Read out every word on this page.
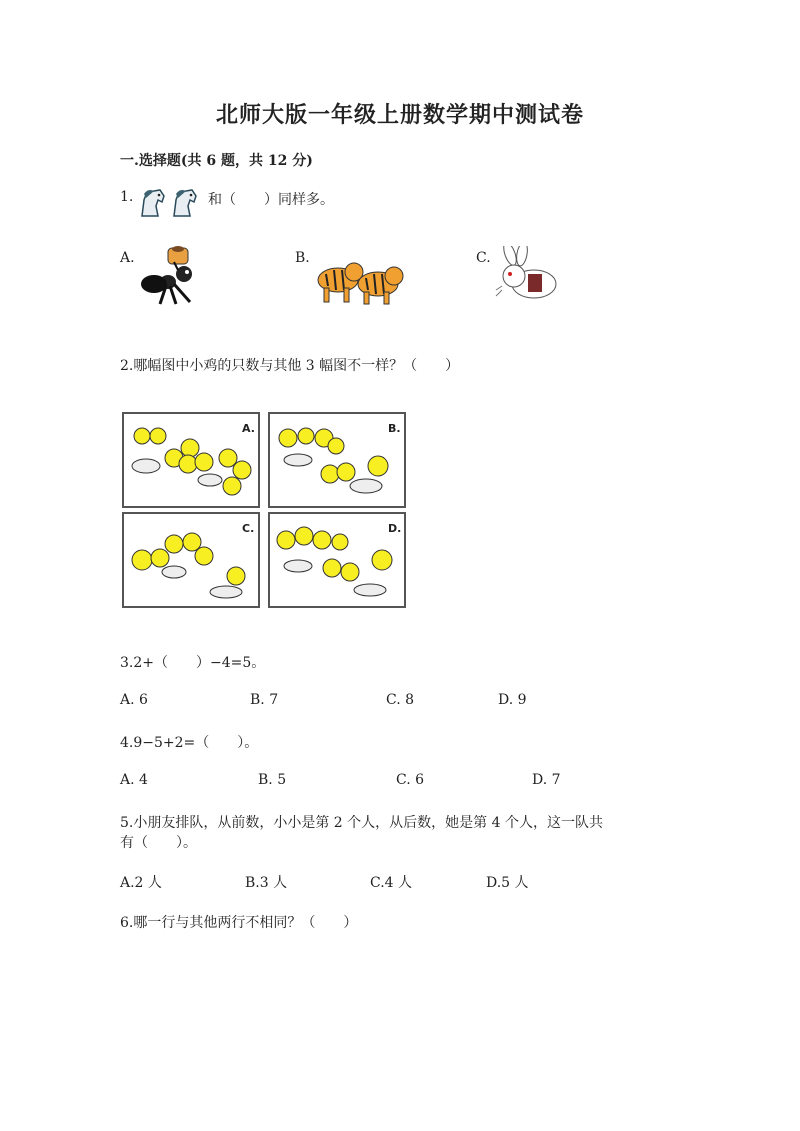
北师大版一年级上册数学期中测试卷
一.选择题(共 6 题，共 12 分)
1.	和（　　）同样多。
A.	B.	C.
2.哪幅图中小鸡的只数与其他 3 幅图不一样？（　　）
A.	B.
C.	D.
3.2+（　　）−4=5。
A. 6	B. 7	C. 8	D. 9
4.9−5+2=（　　）。
A. 4	B. 5	C. 6	D. 7
5.小朋友排队，从前数，小小是第 2 个人，从后数，她是第 4 个人，这一队共
有（　　）。
A.2 人	B.3 人	C.4 人	D.5 人
6.哪一行与其他两行不相同？（　　）
